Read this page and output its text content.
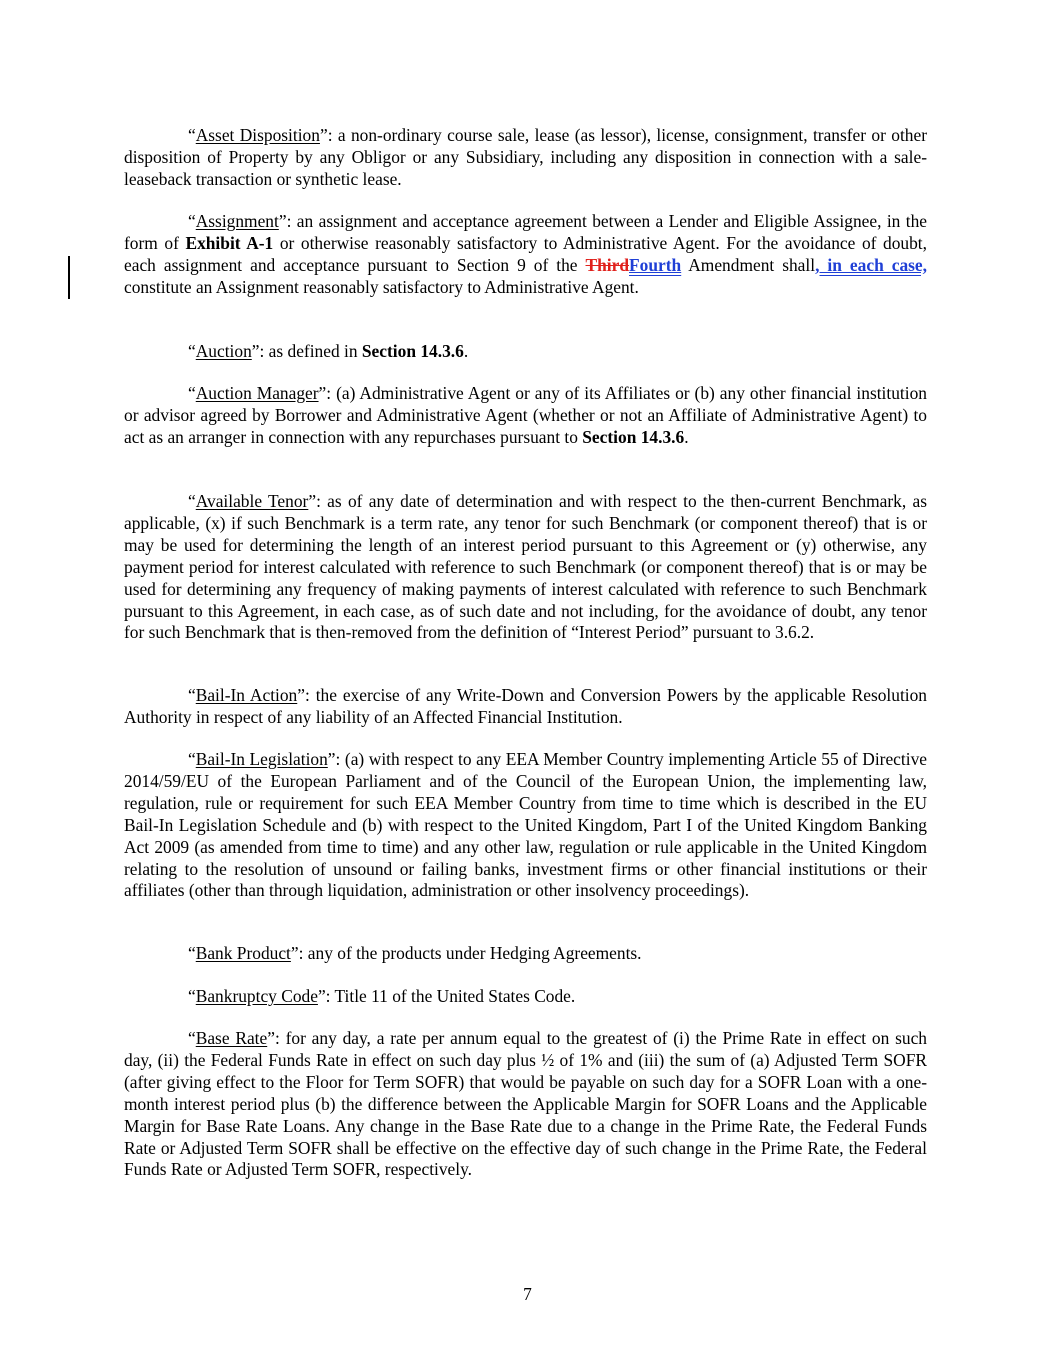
“Asset Disposition”: a non-ordinary course sale, lease (as lessor), license, consignment, transfer or other disposition of Property by any Obligor or any Subsidiary, including any disposition in connection with a sale-leaseback transaction or synthetic lease.

“Assignment”: an assignment and acceptance agreement between a Lender and Eligible Assignee, in the form of Exhibit A-1 or otherwise reasonably satisfactory to Administrative Agent. For the avoidance of doubt, each assignment and acceptance pursuant to Section 9 of the ThirdFourth Amendment shall, in each case, constitute an Assignment reasonably satisfactory to Administrative Agent.

“Auction”: as defined in Section 14.3.6.

“Auction Manager”: (a) Administrative Agent or any of its Affiliates or (b) any other financial institution or advisor agreed by Borrower and Administrative Agent (whether or not an Affiliate of Administrative Agent) to act as an arranger in connection with any repurchases pursuant to Section 14.3.6.

“Available Tenor”: as of any date of determination and with respect to the then-current Benchmark, as applicable, (x) if such Benchmark is a term rate, any tenor for such Benchmark (or component thereof) that is or may be used for determining the length of an interest period pursuant to this Agreement or (y) otherwise, any payment period for interest calculated with reference to such Benchmark (or component thereof) that is or may be used for determining any frequency of making payments of interest calculated with reference to such Benchmark pursuant to this Agreement, in each case, as of such date and not including, for the avoidance of doubt, any tenor for such Benchmark that is then-removed from the definition of “Interest Period” pursuant to 3.6.2.

“Bail-In Action”: the exercise of any Write-Down and Conversion Powers by the applicable Resolution Authority in respect of any liability of an Affected Financial Institution.

“Bail-In Legislation”: (a) with respect to any EEA Member Country implementing Article 55 of Directive 2014/59/EU of the European Parliament and of the Council of the European Union, the implementing law, regulation, rule or requirement for such EEA Member Country from time to time which is described in the EU Bail-In Legislation Schedule and (b) with respect to the United Kingdom, Part I of the United Kingdom Banking Act 2009 (as amended from time to time) and any other law, regulation or rule applicable in the United Kingdom relating to the resolution of unsound or failing banks, investment firms or other financial institutions or their affiliates (other than through liquidation, administration or other insolvency proceedings).

“Bank Product”: any of the products under Hedging Agreements.

“Bankruptcy Code”: Title 11 of the United States Code.

“Base Rate”: for any day, a rate per annum equal to the greatest of (i) the Prime Rate in effect on such day, (ii) the Federal Funds Rate in effect on such day plus ½ of 1% and (iii) the sum of (a) Adjusted Term SOFR (after giving effect to the Floor for Term SOFR) that would be payable on such day for a SOFR Loan with a one-month interest period plus (b) the difference between the Applicable Margin for SOFR Loans and the Applicable Margin for Base Rate Loans. Any change in the Base Rate due to a change in the Prime Rate, the Federal Funds Rate or Adjusted Term SOFR shall be effective on the effective day of such change in the Prime Rate, the Federal Funds Rate or Adjusted Term SOFR, respectively.

7
